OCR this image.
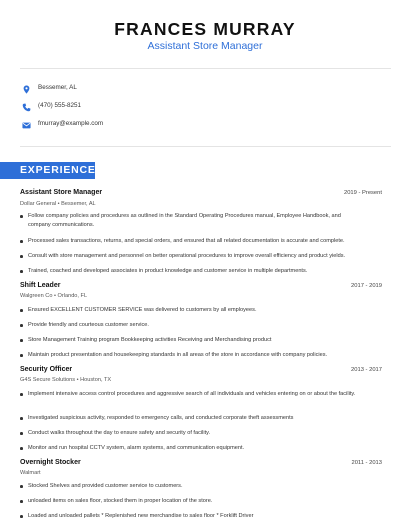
FRANCES MURRAY
Assistant Store Manager
Bessemer, AL
(470) 555-8251
fmurray@example.com
EXPERIENCE
Assistant Store Manager	2019 - Present
Dollar General • Bessemer, AL
Follow company policies and procedures as outlined in the Standard Operating Procedures manual, Employee Handbook, and company communications.
Processed sales transactions, returns, and special orders, and ensured that all related documentation is accurate and complete.
Consult with store management and personnel on better operational procedures to improve overall efficiency and product yields.
Trained, coached and developed associates in product knowledge and customer service in multiple departments.
Shift Leader	2017 - 2019
Walgreen Co • Orlando, FL
Ensured EXCELLENT CUSTOMER SERVICE was delivered to customers by all employees.
Provide friendly and courteous customer service.
Store Management Training program Bookkeeping activities Receiving and Merchandising product
Maintain product presentation and housekeeping standards in all areas of the store in accordance with company policies.
Security Officer	2013 - 2017
G4S Secure Solutions • Houston, TX
Implement intensive access control procedures and aggressive search of all individuals and vehicles entering on or about the facility.
Investigated suspicious activity, responded to emergency calls, and conducted corporate theft assessments
Conduct walks throughout the day to ensure safety and security of facility.
Monitor and run hospital CCTV system, alarm systems, and communication equipment.
Overnight Stocker	2011 - 2013
Walmart
Stocked Shelves and provided customer service to customers.
unloaded items on sales floor, stocked them in proper location of the store.
Loaded and unloaded pallets * Replenished new merchandise to sales floor * Forklift Driver
